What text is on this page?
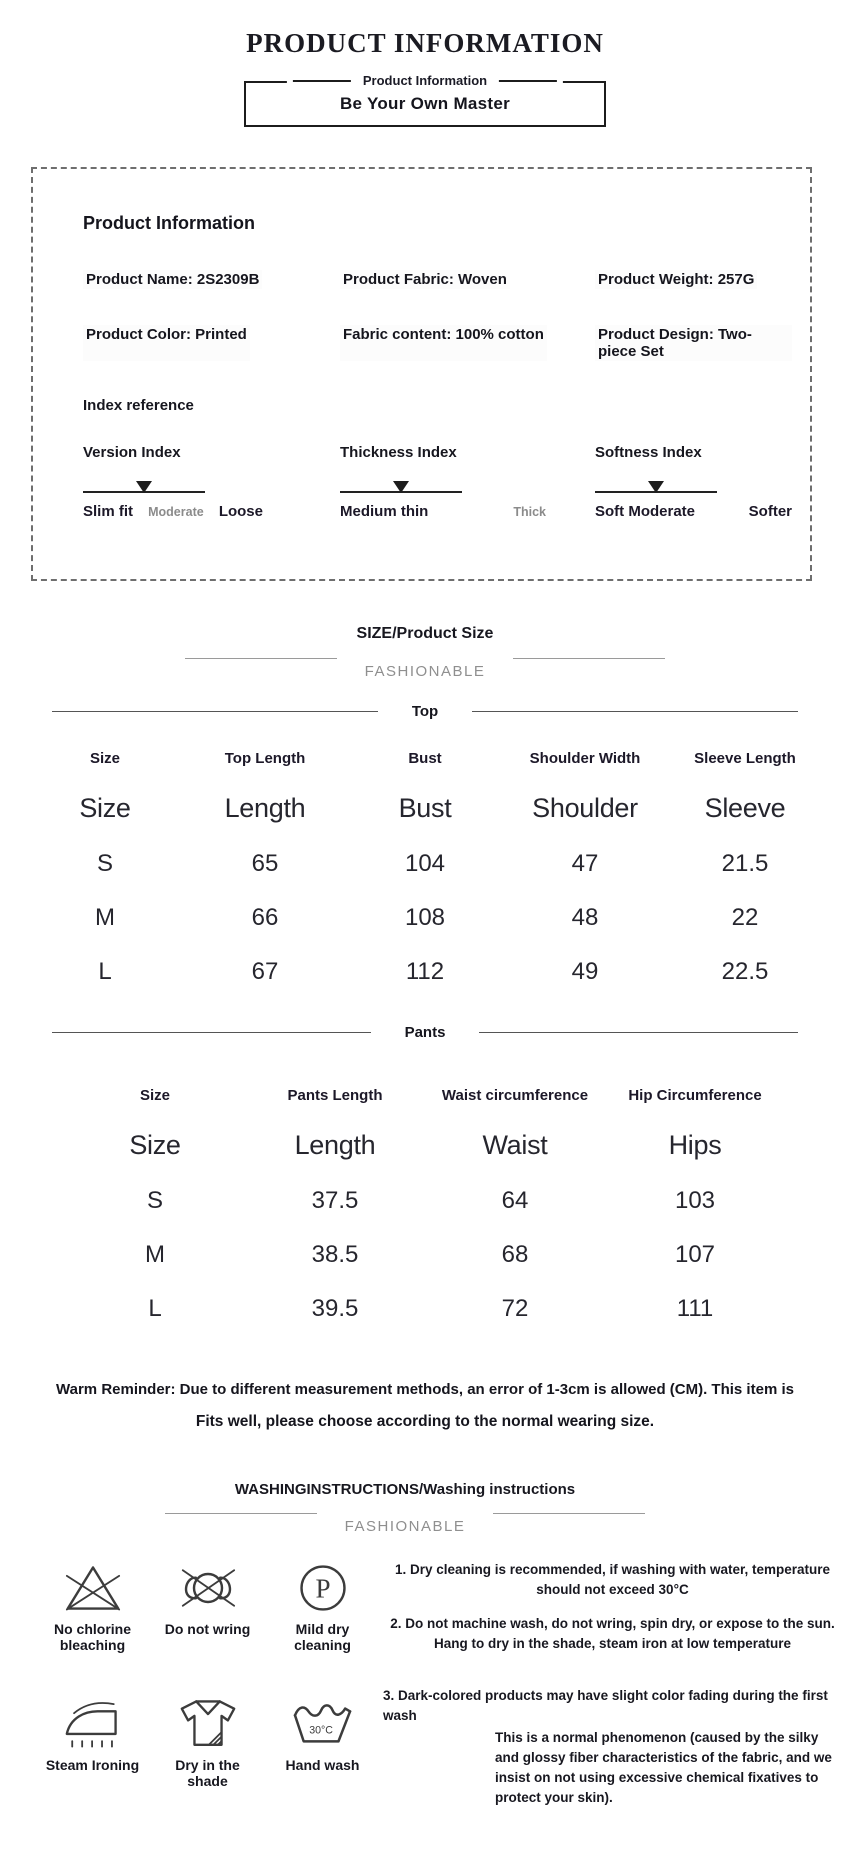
PRODUCT INFORMATION
Product Information
Be Your Own Master
Product Information
Product Name: 2S2309B	Product Fabric: Woven	Product Weight: 257G
Product Color: Printed	Fabric content: 100% cotton	Product Design: Two-piece Set
Index reference
Version Index
Slim fit Moderate Loose
Thickness Index
Medium thin	Thick
Softness Index
Soft Moderate	Softer
SIZE/Product Size
FASHIONABLE
Top
Size	Top Length	Bust	Shoulder Width	Sleeve Length
Size	Length	Bust	Shoulder	Sleeve
S	65	104	47	21.5
M	66	108	48	22
L	67	112	49	22.5
Pants
Size	Pants Length	Waist circumference	Hip Circumference
Size	Length	Waist	Hips
S	37.5	64	103
M	38.5	68	107
L	39.5	72	111
Warm Reminder: Due to different measurement methods, an error of 1-3cm is allowed (CM). This item is
Fits well, please choose according to the normal wearing size.
WASHINGINSTRUCTIONS/Washing instructions
FASHIONABLE
No chlorine bleaching
Do not wring
P
Mild dry cleaning
Steam Ironing	Dry in the shade
30°C
Hand wash

1. Dry cleaning is recommended, if washing with water, temperature should not exceed 30°C

2. Do not machine wash, do not wring, spin dry, or expose to the sun.

Hang to dry in the shade, steam iron at low temperature

3. Dark-colored products may have slight color fading during the first wash

This is a normal phenomenon (caused by the silky and glossy fiber characteristics of the fabric, and we insist on not using excessive chemical fixatives to protect your skin).
